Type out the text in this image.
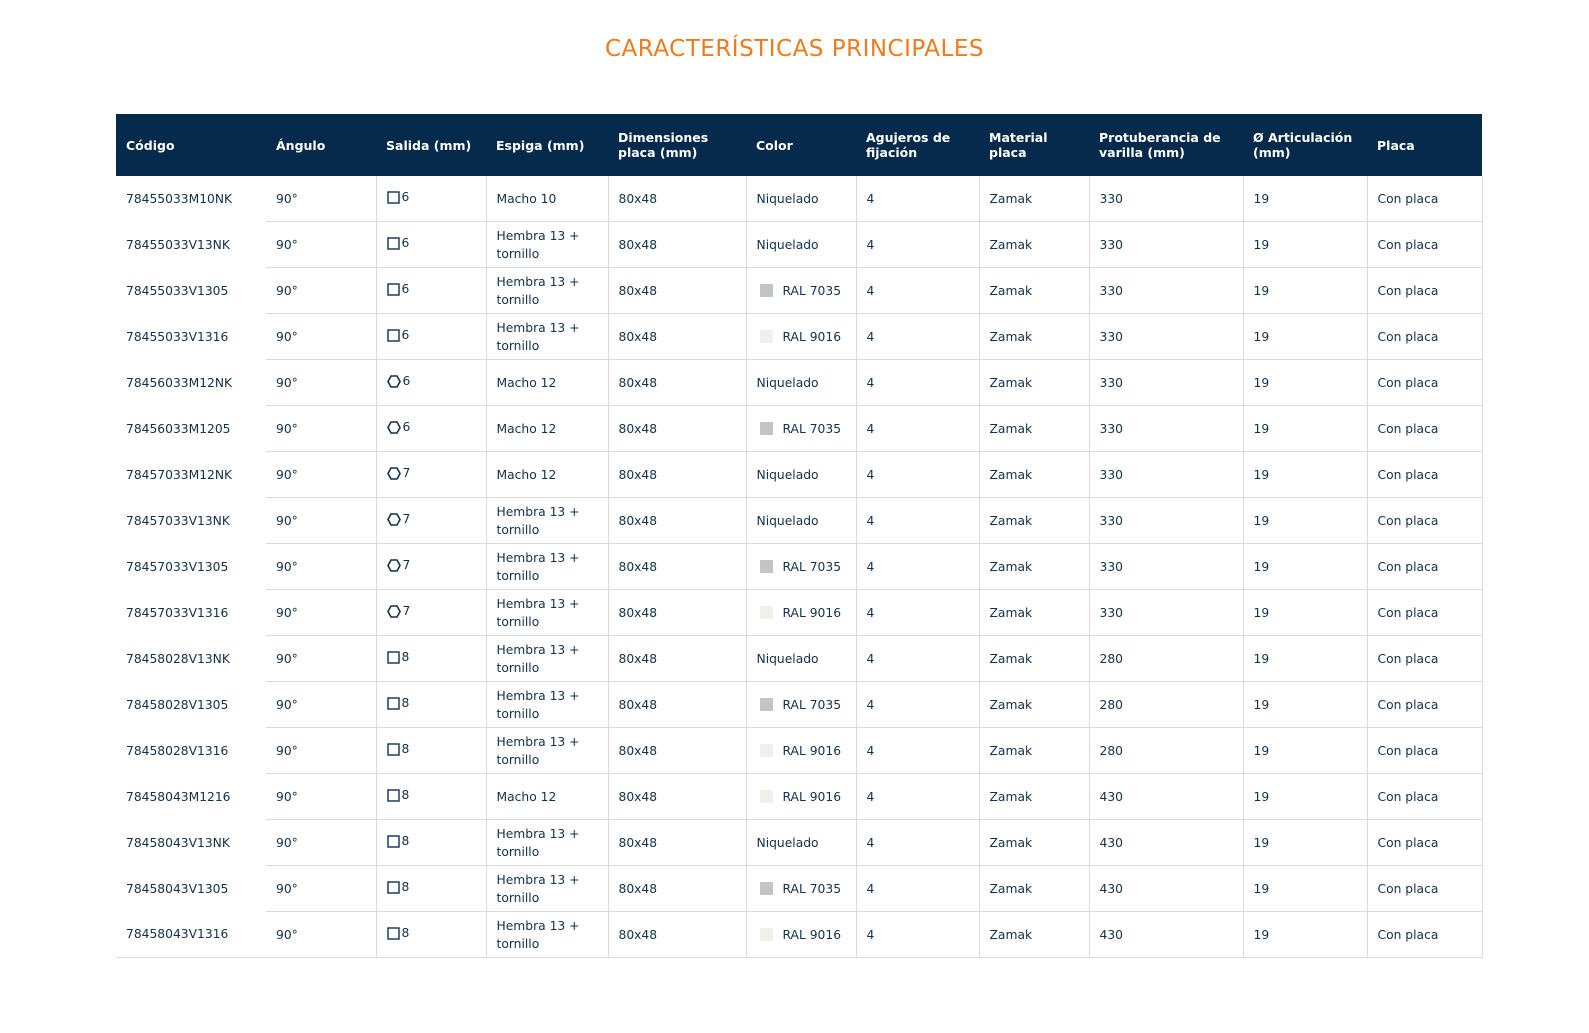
CARACTERÍSTICAS PRINCIPALES
Código	Ángulo	Salida (mm)	Espiga (mm)	Dimensiones placa (mm)	Color	Agujeros de fijación	Material placa	Protuberancia de varilla (mm)	Ø Articulación (mm)	Placa
78455033M10NK	90°	6	Macho 10	80x48	Niquelado	4	Zamak	330	19	Con placa
78455033V13NK	90°	6	Hembra 13 + tornillo	80x48	Niquelado	4	Zamak	330	19	Con placa
78455033V1305	90°	6	Hembra 13 + tornillo	80x48	RAL 7035	4	Zamak	330	19	Con placa
78455033V1316	90°	6	Hembra 13 + tornillo	80x48	RAL 9016	4	Zamak	330	19	Con placa
78456033M12NK	90°	6	Macho 12	80x48	Niquelado	4	Zamak	330	19	Con placa
78456033M1205	90°	6	Macho 12	80x48	RAL 7035	4	Zamak	330	19	Con placa
78457033M12NK	90°	7	Macho 12	80x48	Niquelado	4	Zamak	330	19	Con placa
78457033V13NK	90°	7	Hembra 13 + tornillo	80x48	Niquelado	4	Zamak	330	19	Con placa
78457033V1305	90°	7	Hembra 13 + tornillo	80x48	RAL 7035	4	Zamak	330	19	Con placa
78457033V1316	90°	7	Hembra 13 + tornillo	80x48	RAL 9016	4	Zamak	330	19	Con placa
78458028V13NK	90°	8	Hembra 13 + tornillo	80x48	Niquelado	4	Zamak	280	19	Con placa
78458028V1305	90°	8	Hembra 13 + tornillo	80x48	RAL 7035	4	Zamak	280	19	Con placa
78458028V1316	90°	8	Hembra 13 + tornillo	80x48	RAL 9016	4	Zamak	280	19	Con placa
78458043M1216	90°	8	Macho 12	80x48	RAL 9016	4	Zamak	430	19	Con placa
78458043V13NK	90°	8	Hembra 13 + tornillo	80x48	Niquelado	4	Zamak	430	19	Con placa
78458043V1305	90°	8	Hembra 13 + tornillo	80x48	RAL 7035	4	Zamak	430	19	Con placa
78458043V1316	90°	8	Hembra 13 + tornillo	80x48	RAL 9016	4	Zamak	430	19	Con placa
